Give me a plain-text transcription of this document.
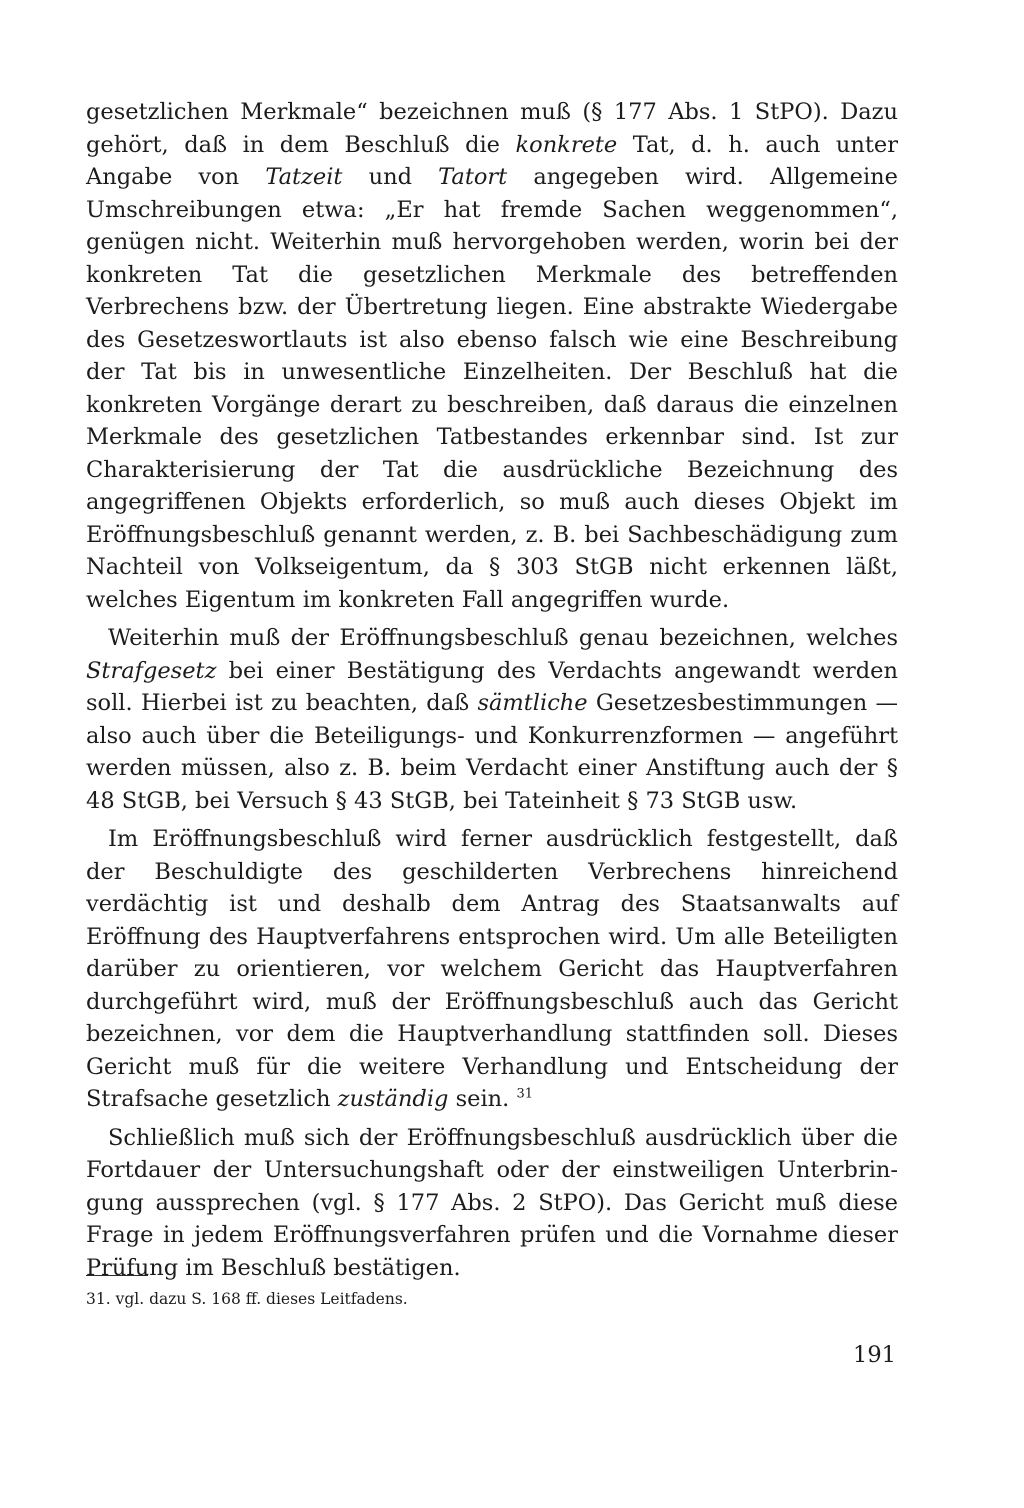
gesetzlichen Merkmale“ bezeichnen muß (§ 177 Abs. 1 StPO). Dazu gehört, daß in dem Beschluß die konkrete Tat, d. h. auch unter Angabe von Tatzeit und Tatort angegeben wird. Allgemeine Umschreibungen etwa: „Er hat fremde Sachen weggenommen“, genügen nicht. Weiterhin muß hervorgehoben werden, worin bei der konkreten Tat die gesetzlichen Merkmale des betreffenden Verbrechens bzw. der Übertretung liegen. Eine abstrakte Wiedergabe des Gesetzeswortlauts ist also ebenso falsch wie eine Beschreibung der Tat bis in unwesentliche Einzelheiten. Der Beschluß hat die konkreten Vorgänge derart zu beschreiben, daß daraus die einzelnen Merkmale des gesetzlichen Tatbestandes erkennbar sind. Ist zur Charakterisierung der Tat die ausdrückliche Bezeichnung des angegriffenen Objekts erforderlich, so muß auch dieses Objekt im Eröffnungsbeschluß genannt werden, z. B. bei Sachbeschädigung zum Nachteil von Volkseigentum, da § 303 StGB nicht erkennen läßt, welches Eigentum im konkreten Fall angegriffen wurde.

Weiterhin muß der Eröffnungsbeschluß genau bezeichnen, welches Strafgesetz bei einer Bestätigung des Verdachts angewandt werden soll. Hierbei ist zu beachten, daß sämtliche Gesetzesbestimmungen — also auch über die Beteiligungs- und Konkurrenzformen — angeführt werden müssen, also z. B. beim Verdacht einer Anstiftung auch der § 48 StGB, bei Versuch § 43 StGB, bei Tateinheit § 73 StGB usw.

Im Eröffnungsbeschluß wird ferner ausdrücklich festgestellt, daß der Beschuldigte des geschilderten Verbrechens hinreichend verdächtig ist und deshalb dem Antrag des Staatsanwalts auf Eröffnung des Hauptverfahrens entsprochen wird. Um alle Beteiligten darüber zu orientieren, vor welchem Gericht das Hauptverfahren durchgeführt wird, muß der Eröffnungsbeschluß auch das Gericht bezeichnen, vor dem die Hauptverhandlung stattfinden soll. Dieses Gericht muß für die weitere Verhandlung und Entscheidung der Strafsache gesetzlich zuständig sein. $^{31}$

Schließlich muß sich der Eröffnungsbeschluß ausdrücklich über die Fortdauer der Untersuchungshaft oder der einstweiligen Unterbringung aussprechen (vgl. § 177 Abs. 2 StPO). Das Gericht muß diese Frage in jedem Eröffnungsverfahren prüfen und die Vornahme dieser Prüfung im Beschluß bestätigen.

31. vgl. dazu S. 168 ff. dieses Leitfadens.

191
